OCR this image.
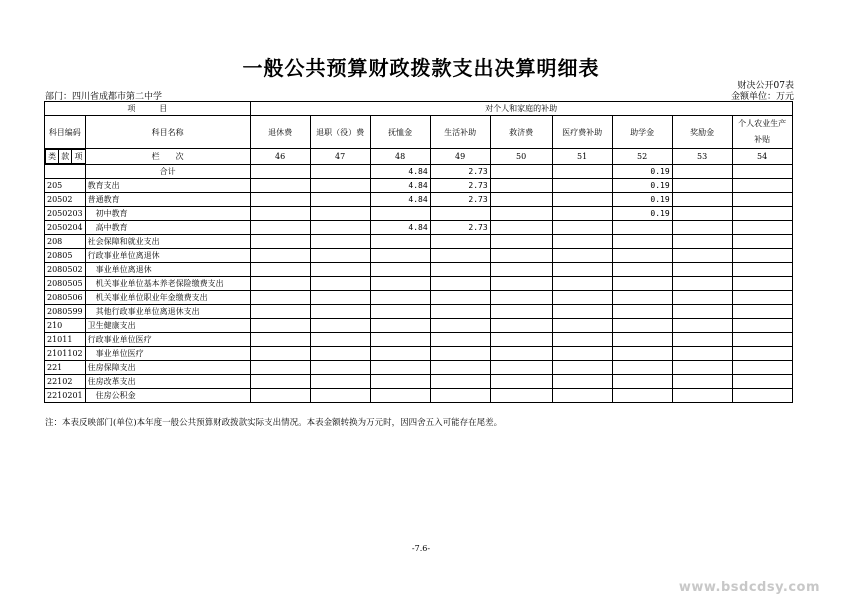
一般公共预算财政拨款支出决算明细表
财决公开07表
部门：四川省成都市第二中学	金额单位：万元
项　　　目	对个人和家庭的补助
科目编码	科目名称	退休费	退职（役）费	抚恤金	生活补助	救济费	医疗费补助	助学金	奖励金	个人农业生产补贴

类	款	项
		栏　　次	46	47	48	49	50	51	52	53	54
	合计			4.84	2.73			0.19		
205	教育支出			4.84	2.73			0.19		
20502	普通教育			4.84	2.73			0.19		
2050203	初中教育							0.19		
2050204	高中教育			4.84	2.73					
208	社会保障和就业支出									
20805	行政事业单位离退休									
2080502	事业单位离退休									
2080505	机关事业单位基本养老保险缴费支出									
2080506	机关事业单位职业年金缴费支出									
2080599	其他行政事业单位离退休支出									
210	卫生健康支出									
21011	行政事业单位医疗									
2101102	事业单位医疗									
221	住房保障支出									
22102	住房改革支出									
2210201	住房公积金									
注：本表反映部门(单位)本年度一般公共预算财政拨款实际支出情况。本表金额转换为万元时，因四舍五入可能存在尾差。
-7.6-
www.bsdcdsy.com
